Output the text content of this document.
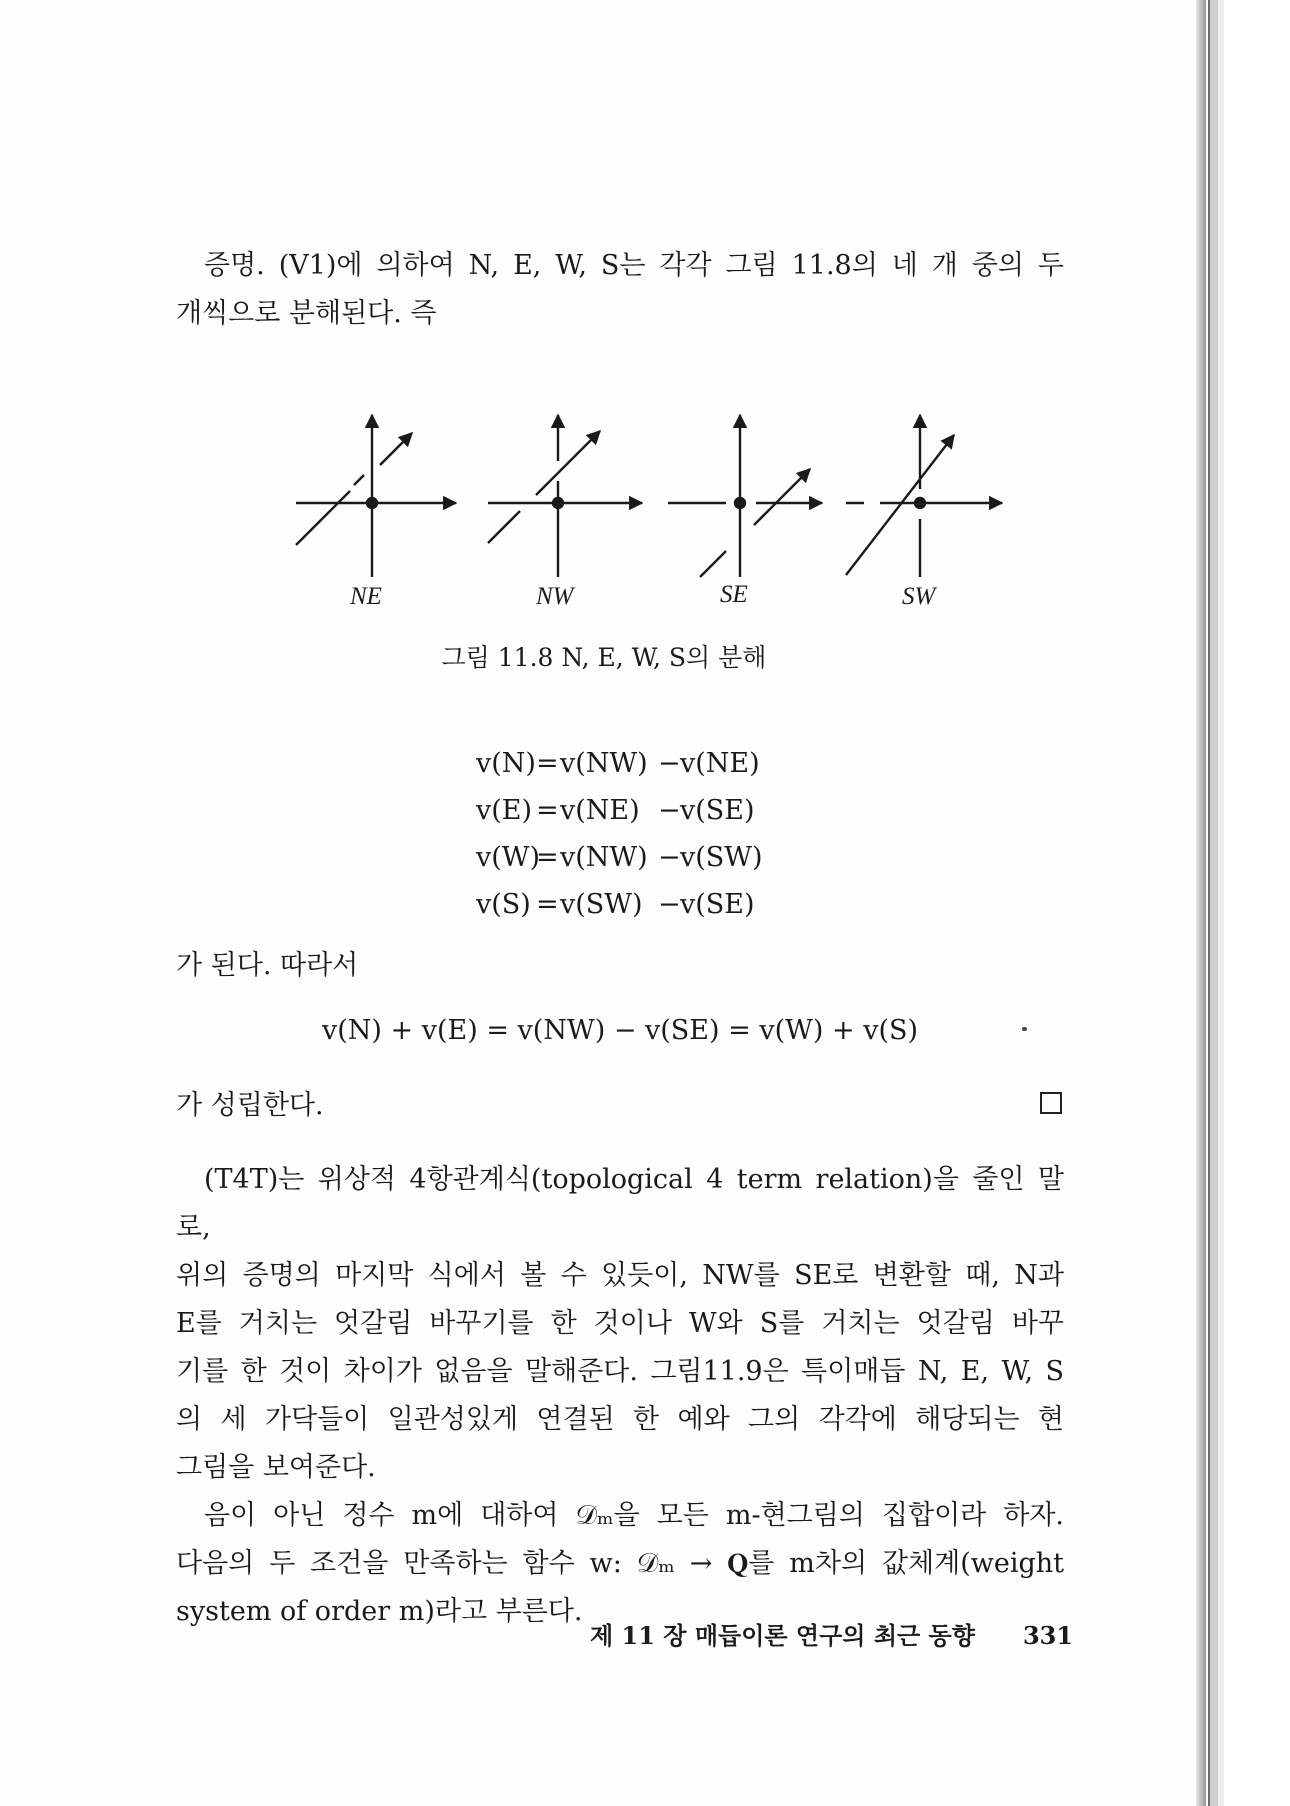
증명. (V1)에 의하여 N, E, W, S는 각각 그림 11.8의 네 개 중의 두
개씩으로 분해된다. 즉
NE	NW	SE	SW
그림 11.8 N, E, W, S의 분해
v(N) = v(NW) − v(NE)
v(E) = v(NE) − v(SE)
v(W)
= v(NW) − v(SW)
v(S) = v(SW) − v(SE)
가 된다. 따라서
v(N) + v(E) = v(NW) − v(SE) = v(W) + v(S)
가 성립한다.
(T4T)는 위상적 4항관계식(topological 4 term relation)을 줄인 말로,
위의 증명의 마지막 식에서 볼 수 있듯이, NW를 SE로 변환할 때, N과
E를 거치는 엇갈림 바꾸기를 한 것이나 W와 S를 거치는 엇갈림 바꾸
기를 한 것이 차이가 없음을 말해준다. 그림11.9은 특이매듭 N, E, W, S
의 세 가닥들이 일관성있게 연결된 한 예와 그의 각각에 해당되는 현
그림을 보여준다.
음이 아닌 정수 m에 대하여 𝒟ₘ을 모든 m-현그림의 집합이라 하자.
다음의 두 조건을 만족하는 함수 w: 𝒟ₘ → 𝐐를 m차의 값체계(weight
system of order m)라고 부른다.
제 11 장 매듭이론 연구의 최근 동향 331
